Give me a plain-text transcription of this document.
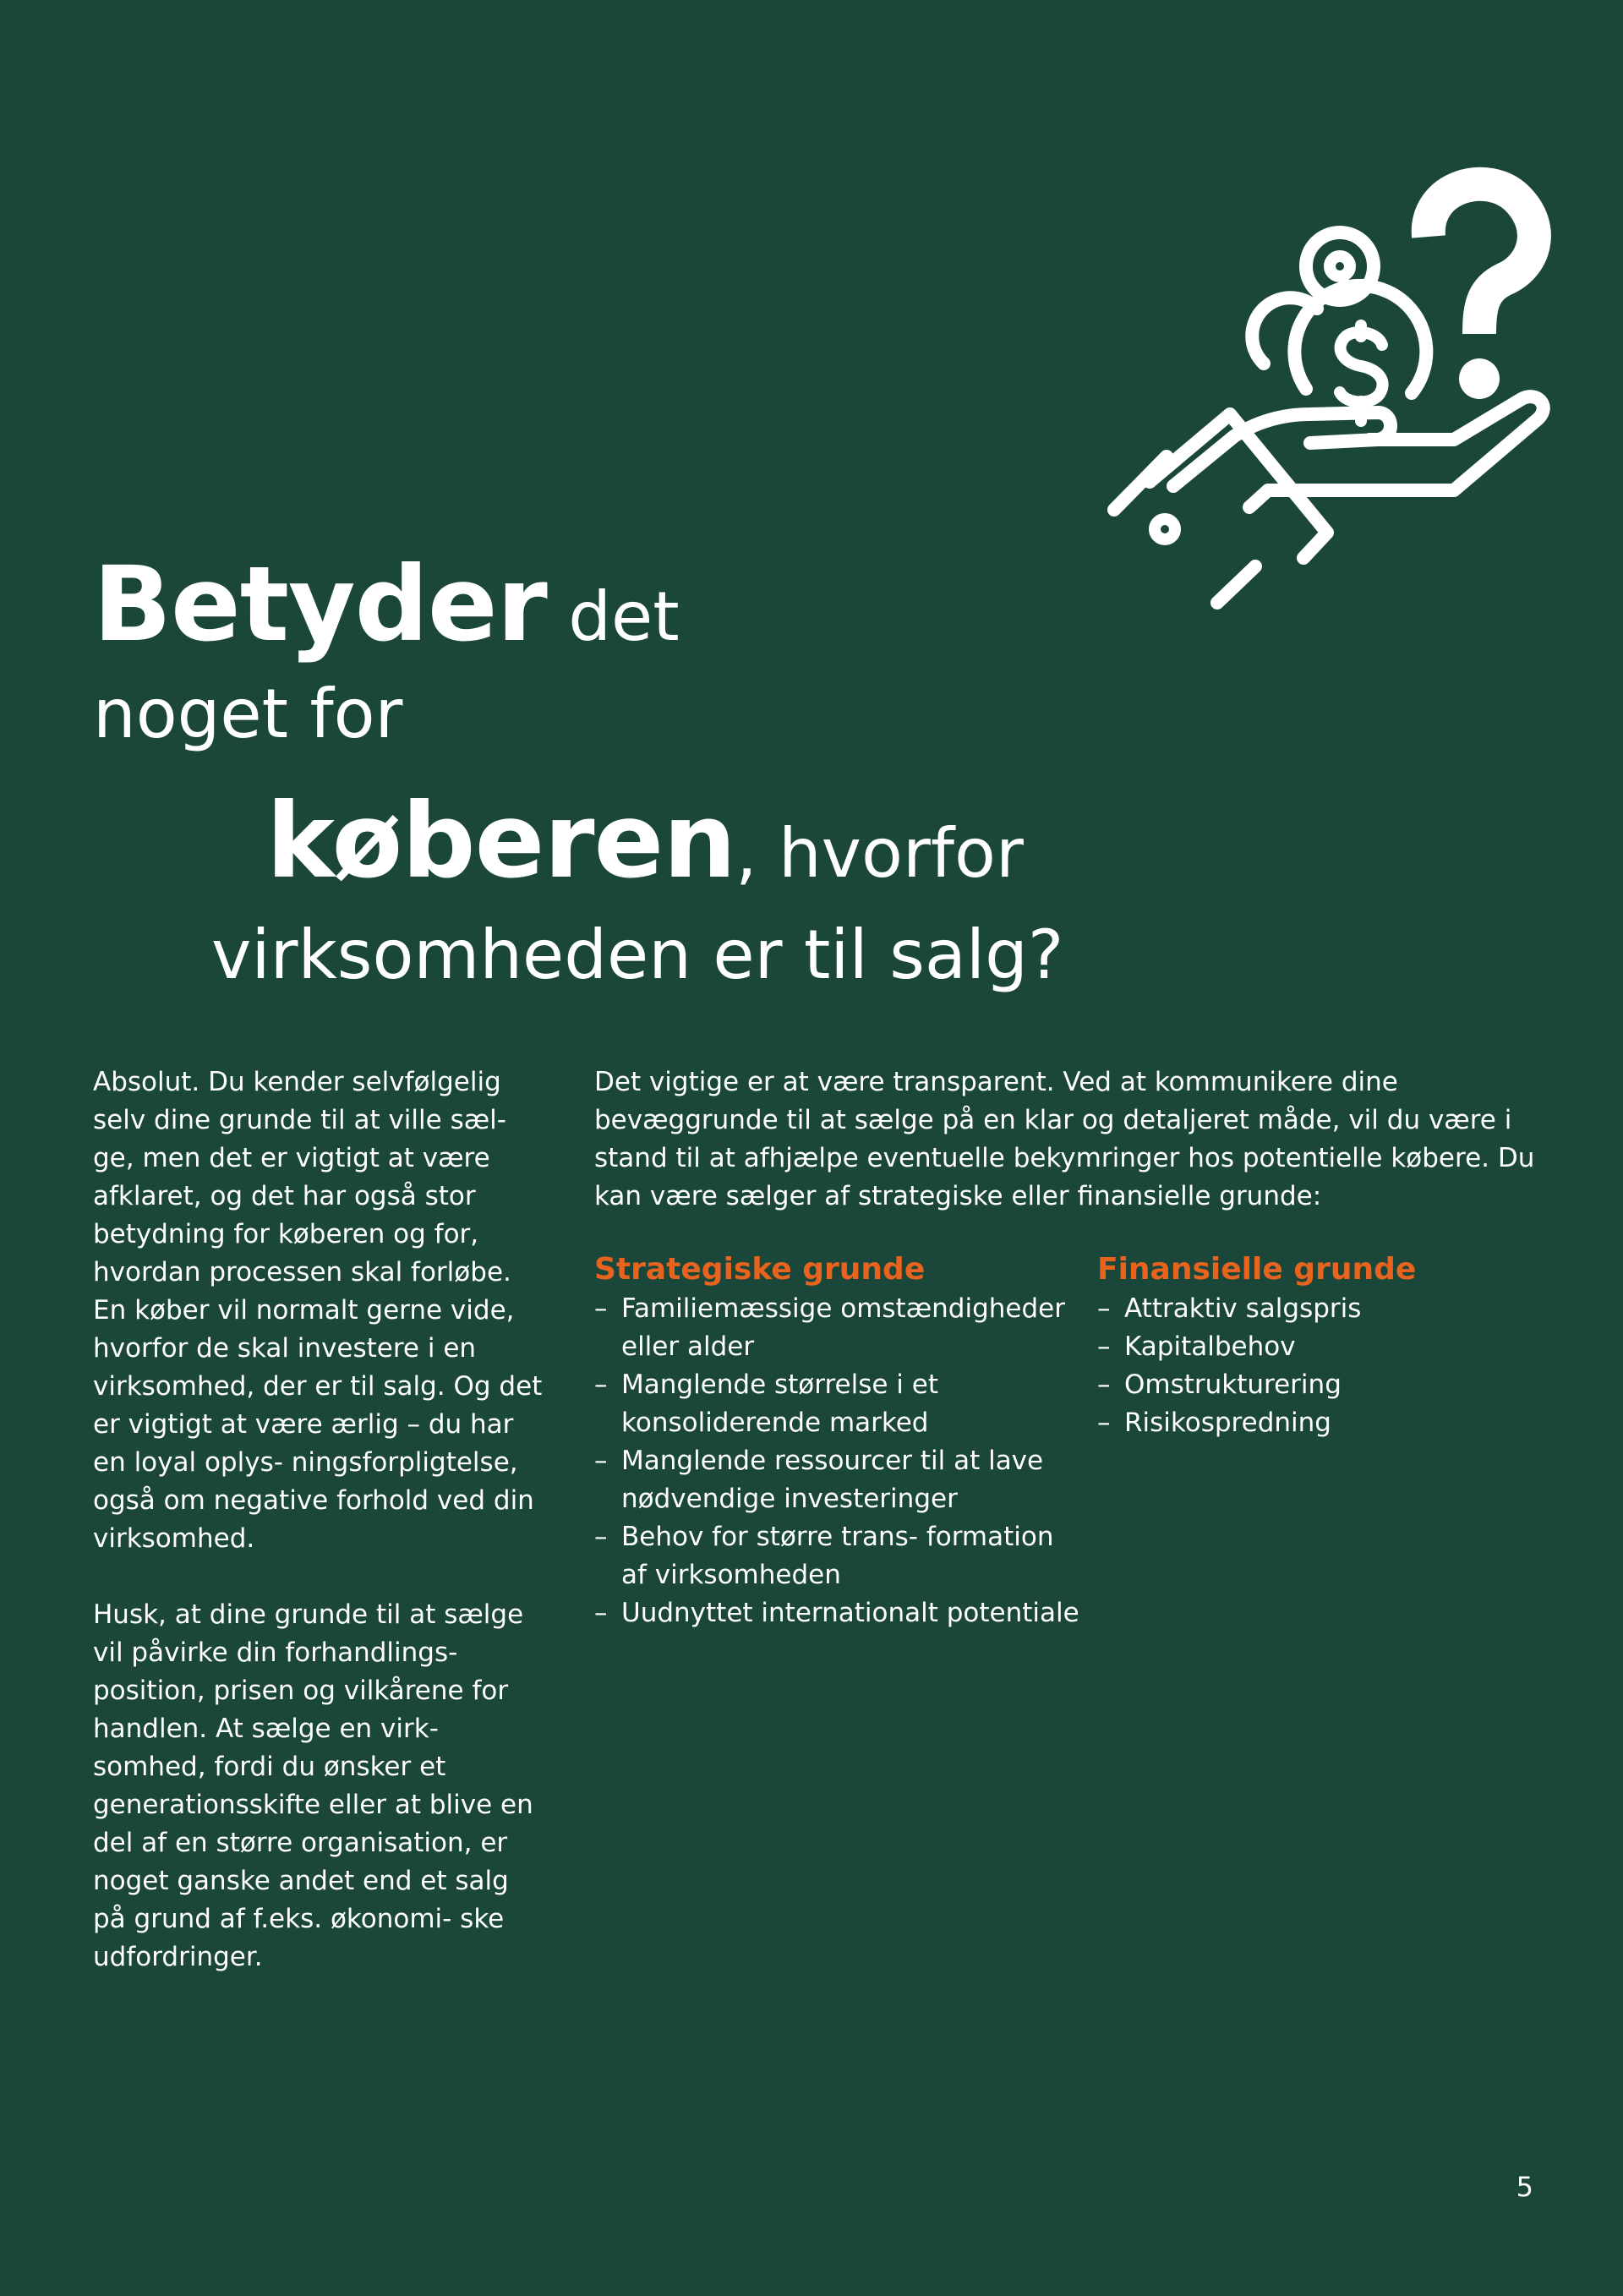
Betyder det
noget for
køberen, hvorfor
virksomheden er til salg?

Absolut. Du kender selvfølgelig selv dine grunde til at ville sæl- ge, men det er vigtigt at være afklaret, og det har også stor betydning for køberen og for, hvordan processen skal forløbe. En køber vil normalt gerne vide, hvorfor de skal investere i en virksomhed, der er til salg. Og det er vigtigt at være ærlig – du har en loyal oplys- ningsforpligtelse, også om negative forhold ved din virksomhed.

Husk, at dine grunde til at sælge vil påvirke din forhandlings- position, prisen og vilkårene for handlen. At sælge en virk- somhed, fordi du ønsker et generationsskifte eller at blive en del af en større organisation, er noget ganske andet end et salg på grund af f.eks. økonomi- ske udfordringer.

Det vigtige er at være transparent. Ved at kommunikere dine bevæggrunde til at sælge på en klar og detaljeret måde, vil du være i stand til at afhjælpe eventuelle bekymringer hos potentielle købere. Du kan være sælger af strategiske eller finansielle grunde:

Strategiske grunde
– Familiemæssige omstændigheder eller alder
– Manglende størrelse i et konsoliderende marked
– Manglende ressourcer til at lave nødvendige investeringer
– Behov for større trans- formation af virksomheden
– Uudnyttet internationalt potentiale
Finansielle grunde
– Attraktiv salgspris
– Kapitalbehov
– Omstrukturering
– Risikospredning
5
